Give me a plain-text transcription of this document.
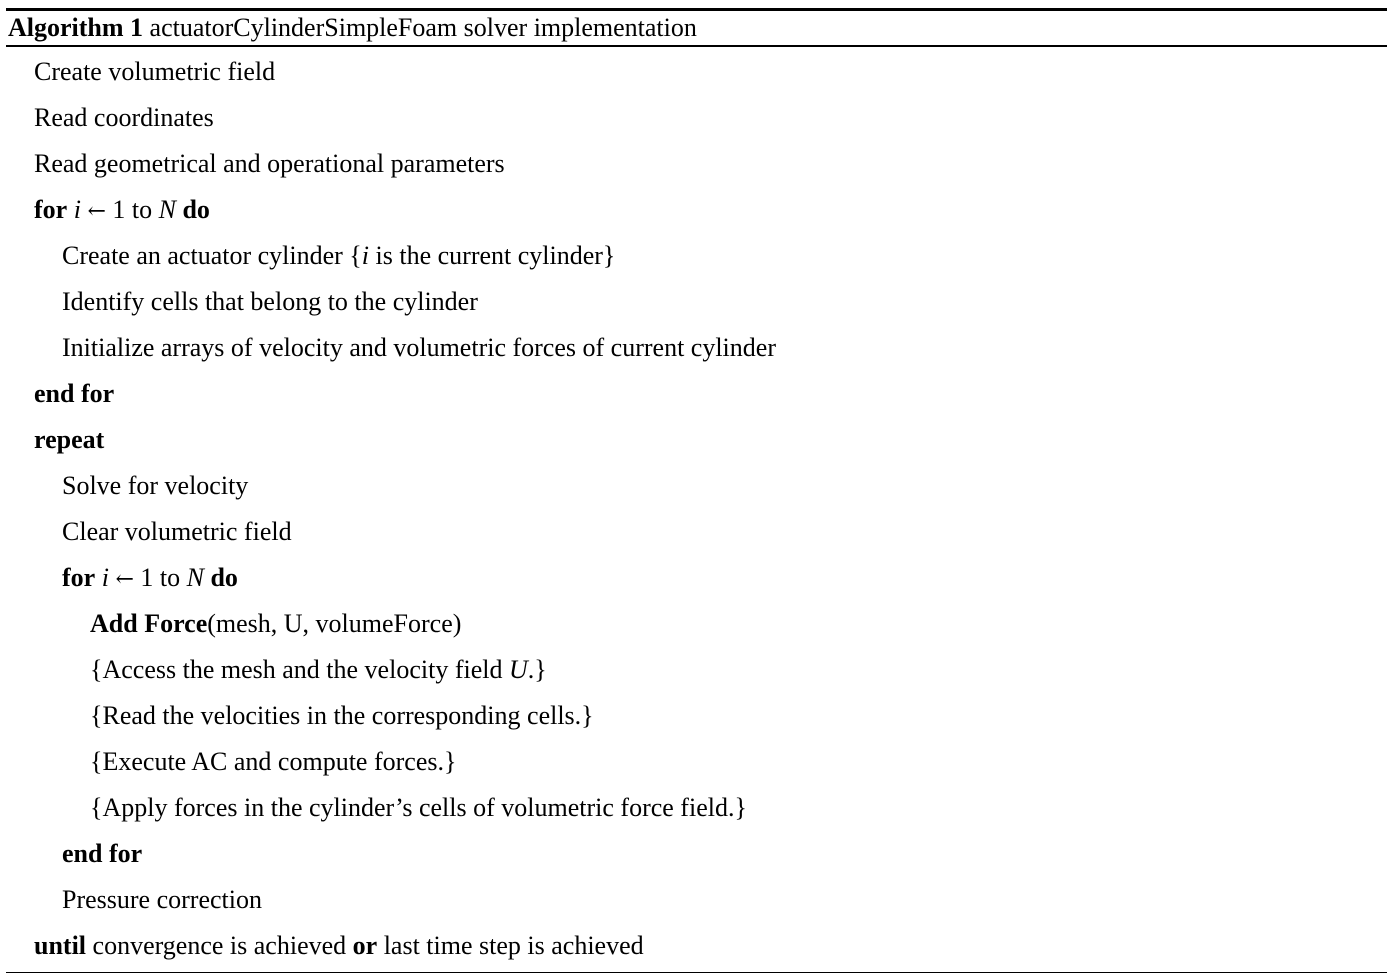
Algorithm 1 actuatorCylinderSimpleFoam solver implementation
Create volumetric field
Read coordinates
Read geometrical and operational parameters
for i ← 1 to N do
Create an actuator cylinder {i is the current cylinder}
Identify cells that belong to the cylinder
Initialize arrays of velocity and volumetric forces of current cylinder
end for
repeat
Solve for velocity
Clear volumetric field
for i ← 1 to N do
Add Force(mesh, U, volumeForce)
{Access the mesh and the velocity field U.}
{Read the velocities in the corresponding cells.}
{Execute AC and compute forces.}
{Apply forces in the cylinder’s cells of volumetric force field.}
end for
Pressure correction
until convergence is achieved or last time step is achieved
